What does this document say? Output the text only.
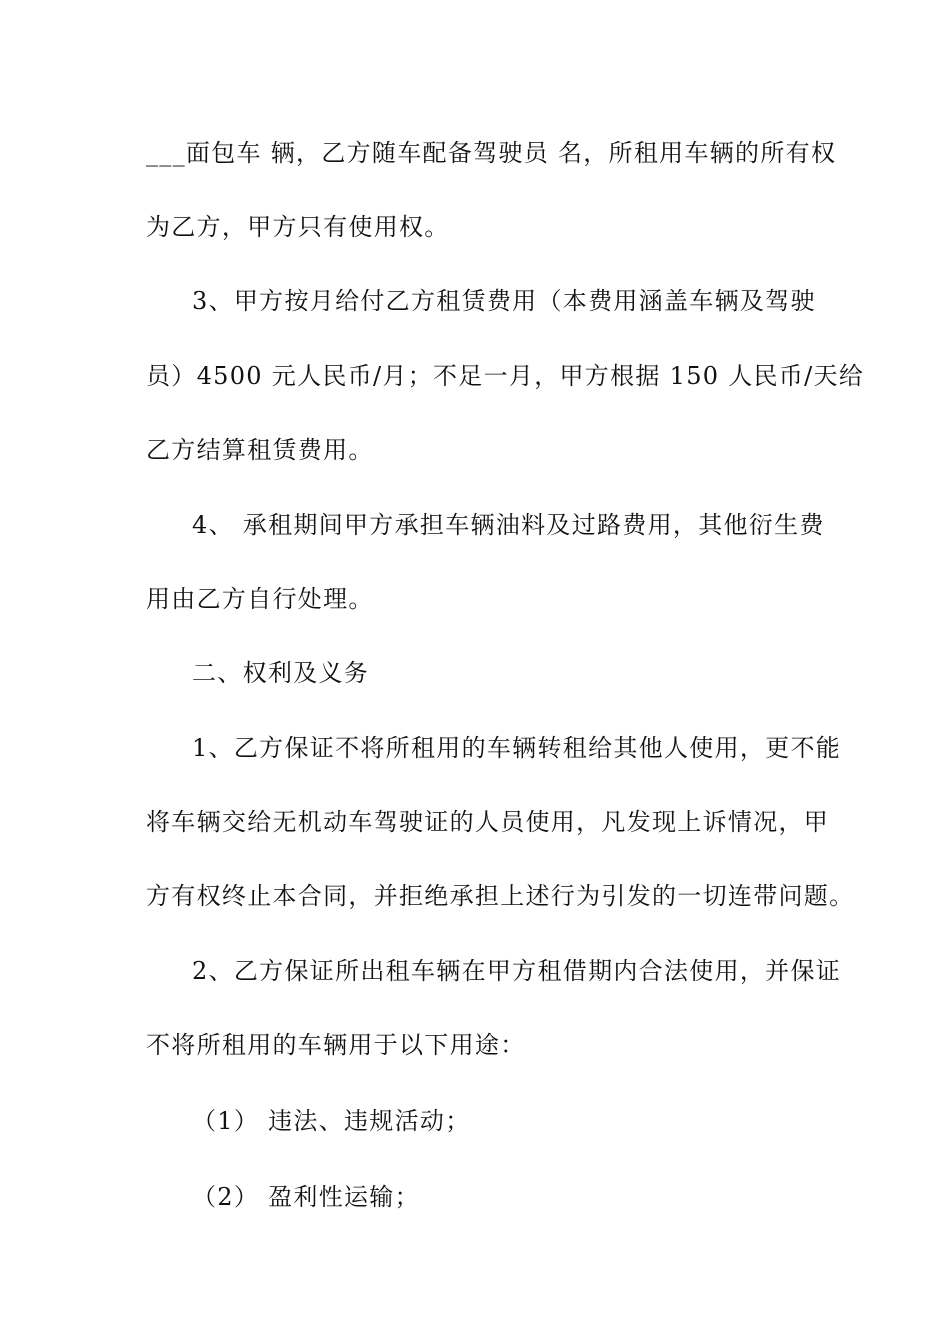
___面包车 辆，乙方随车配备驾驶员 名，所租用车辆的所有权
为乙方，甲方只有使用权。
3、甲方按月给付乙方租赁费用（本费用涵盖车辆及驾驶
员）4500 元人民币/月；不足一月，甲方根据 150 人民币/天给
乙方结算租赁费用。
4、 承租期间甲方承担车辆油料及过路费用，其他衍生费
用由乙方自行处理。
二、权利及义务
1、乙方保证不将所租用的车辆转租给其他人使用，更不能
将车辆交给无机动车驾驶证的人员使用，凡发现上诉情况，甲
方有权终止本合同，并拒绝承担上述行为引发的一切连带问题。
2、乙方保证所出租车辆在甲方租借期内合法使用，并保证
不将所租用的车辆用于以下用途：
（1） 违法、违规活动；
（2） 盈利性运输；
